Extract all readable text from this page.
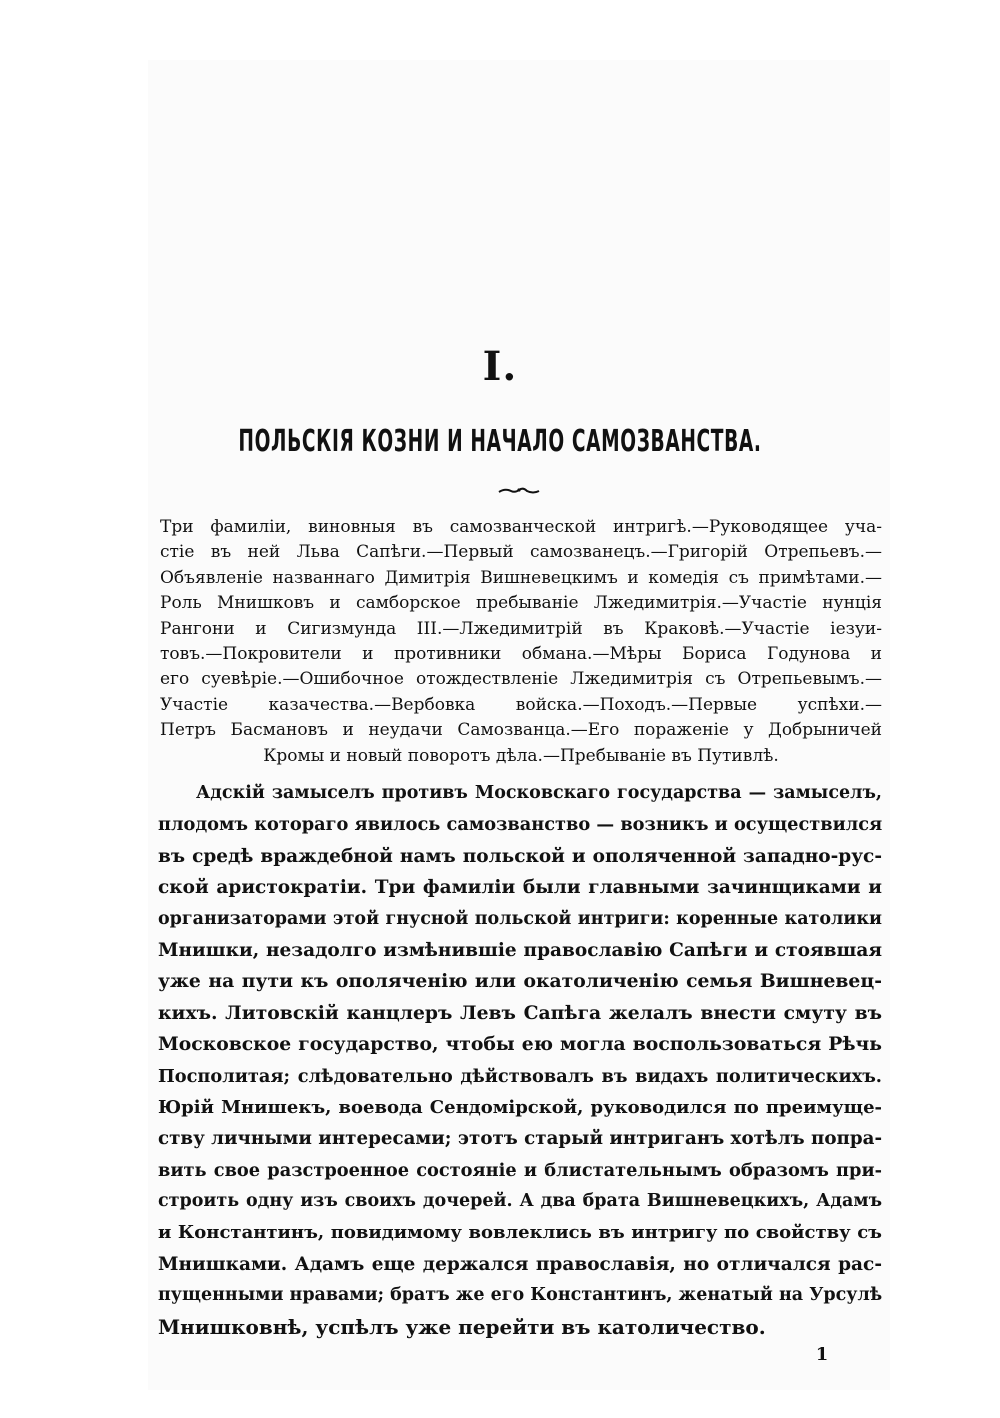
I.
ПОЛЬСКІЯ КОЗНИ И НАЧАЛО САМОЗВАНСТВА.
Три фамиліи, виновныя въ самозванческой интригѣ.—Руководящее уча-
стіе въ ней Льва Сапѣги.—Первый самозванецъ.—Григорій Отрепьевъ.—
Объявленіе названнаго Димитрія Вишневецкимъ и комедія съ примѣтами.—
Роль Мнишковъ и самборское пребываніе Лжедимитрія.—Участіе нунція
Рангони и Сигизмунда III.—Лжедимитрій въ Краковѣ.—Участіе іезуи-
товъ.—Покровители и противники обмана.—Мѣры Бориса Годунова и
его суевѣріе.—Ошибочное отождествленіе Лжедимитрія съ Отрепьевымъ.—
Участіе казачества.—Вербовка войска.—Походъ.—Первые успѣхи.—
Петръ Басмановъ и неудачи Самозванца.—Его пораженіе у Добрыничей
Кромы и новый поворотъ дѣла.—Пребываніе въ Путивлѣ.
Адскій замыселъ противъ Московскаго государства — замыселъ,
плодомъ котораго явилось самозванство — возникъ и осуществился
въ средѣ враждебной намъ польской и ополяченной западно-рус-
ской аристократіи. Три фамиліи были главными зачинщиками и
организаторами этой гнусной польской интриги: коренные католики
Мнишки, незадолго измѣнившіе православію Сапѣги и стоявшая
уже на пути къ ополяченію или окатоличенію семья Вишневец-
кихъ. Литовскій канцлеръ Левъ Сапѣга желалъ внести смуту въ
Московское государство, чтобы ею могла воспользоваться Рѣчь
Посполитая; слѣдовательно дѣйствовалъ въ видахъ политическихъ.
Юрій Мнишекъ, воевода Сендомірской, руководился по преимуще-
ству личными интересами; этотъ старый интриганъ хотѣлъ попра-
вить свое разстроенное состояніе и блистательнымъ образомъ при-
строить одну изъ своихъ дочерей. А два брата Вишневецкихъ, Адамъ
и Константинъ, повидимому вовлеклись въ интригу по свойству съ
Мнишками. Адамъ еще держался православія, но отличался рас-
пущенными нравами; братъ же его Константинъ, женатый на Урсулѣ
Мнишковнѣ, успѣлъ уже перейти въ католичество.
1
